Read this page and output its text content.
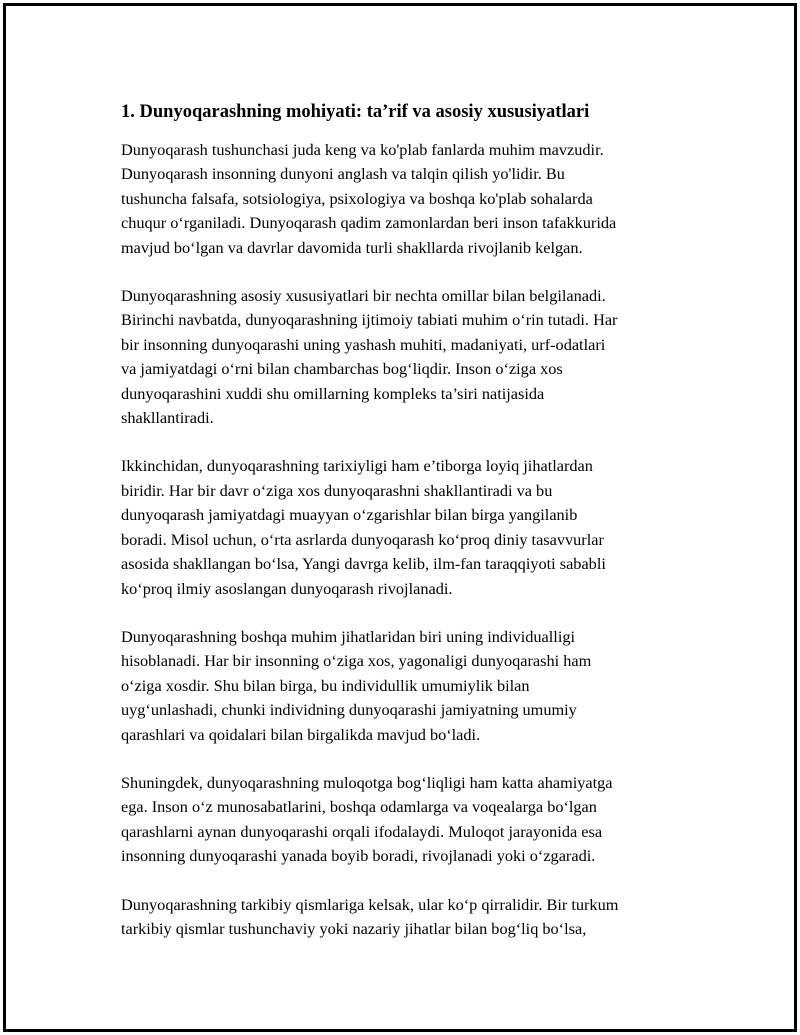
1. Dunyoqarashning mohiyati: ta’rif va asosiy xususiyatlari

Dunyoqarash tushunchasi juda keng va ko'plab fanlarda muhim mavzudir.
Dunyoqarash insonning dunyoni anglash va talqin qilish yo'lidir. Bu
tushuncha falsafa, sotsiologiya, psixologiya va boshqa ko'plab sohalarda
chuqur o‘rganiladi. Dunyoqarash qadim zamonlardan beri inson tafakkurida
mavjud bo‘lgan va davrlar davomida turli shakllarda rivojlanib kelgan.

Dunyoqarashning asosiy xususiyatlari bir nechta omillar bilan belgilanadi.
Birinchi navbatda, dunyoqarashning ijtimoiy tabiati muhim o‘rin tutadi. Har
bir insonning dunyoqarashi uning yashash muhiti, madaniyati, urf-odatlari
va jamiyatdagi o‘rni bilan chambarchas bog‘liqdir. Inson o‘ziga xos
dunyoqarashini xuddi shu omillarning kompleks ta’siri natijasida
shakllantiradi.

Ikkinchidan, dunyoqarashning tarixiyligi ham e’tiborga loyiq jihatlardan
biridir. Har bir davr o‘ziga xos dunyoqarashni shakllantiradi va bu
dunyoqarash jamiyatdagi muayyan o‘zgarishlar bilan birga yangilanib
boradi. Misol uchun, o‘rta asrlarda dunyoqarash ko‘proq diniy tasavvurlar
asosida shakllangan bo‘lsa, Yangi davrga kelib, ilm-fan taraqqiyoti sababli
ko‘proq ilmiy asoslangan dunyoqarash rivojlanadi.

Dunyoqarashning boshqa muhim jihatlaridan biri uning individualligi
hisoblanadi. Har bir insonning o‘ziga xos, yagonaligi dunyoqarashi ham
o‘ziga xosdir. Shu bilan birga, bu individullik umumiylik bilan
uyg‘unlashadi, chunki individning dunyoqarashi jamiyatning umumiy
qarashlari va qoidalari bilan birgalikda mavjud bo‘ladi.

Shuningdek, dunyoqarashning muloqotga bog‘liqligi ham katta ahamiyatga
ega. Inson o‘z munosabatlarini, boshqa odamlarga va voqealarga bo‘lgan
qarashlarni aynan dunyoqarashi orqali ifodalaydi. Muloqot jarayonida esa
insonning dunyoqarashi yanada boyib boradi, rivojlanadi yoki o‘zgaradi.

Dunyoqarashning tarkibiy qismlariga kelsak, ular ko‘p qirralidir. Bir turkum
tarkibiy qismlar tushunchaviy yoki nazariy jihatlar bilan bog‘liq bo‘lsa,
